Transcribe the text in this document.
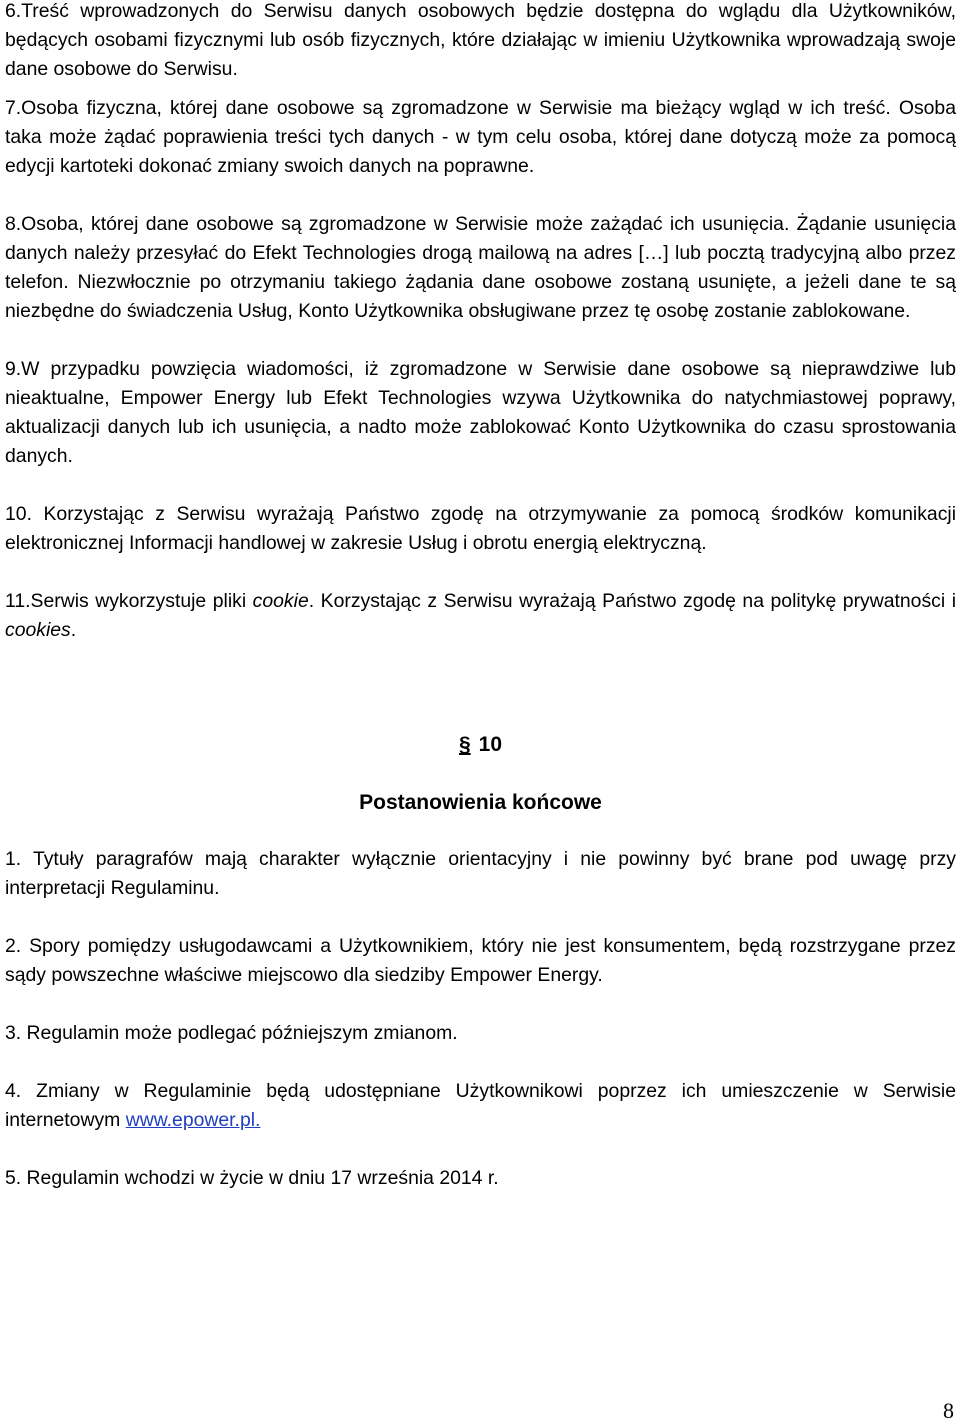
6.Treść wprowadzonych do Serwisu danych osobowych będzie dostępna do wglądu dla Użytkowników, będących osobami fizycznymi lub osób fizycznych, które działając w imieniu Użytkownika wprowadzają swoje dane osobowe do Serwisu.

7.Osoba fizyczna, której dane osobowe są zgromadzone w Serwisie ma bieżący wgląd w ich treść. Osoba taka może żądać poprawienia treści tych danych - w tym celu osoba, której dane dotyczą może za pomocą edycji kartoteki dokonać zmiany swoich danych na poprawne.

8.Osoba, której dane osobowe są zgromadzone w Serwisie może zażądać ich usunięcia. Żądanie usunięcia danych należy przesyłać do Efekt Technologies drogą mailową na adres […] lub pocztą tradycyjną albo przez telefon. Niezwłocznie po otrzymaniu takiego żądania dane osobowe zostaną usunięte, a jeżeli dane te są niezbędne do świadczenia Usług, Konto Użytkownika obsługiwane przez tę osobę zostanie zablokowane.

9.W przypadku powzięcia wiadomości, iż zgromadzone w Serwisie dane osobowe są nieprawdziwe lub nieaktualne, Empower Energy lub Efekt Technologies wzywa Użytkownika do natychmiastowej poprawy, aktualizacji danych lub ich usunięcia, a nadto może zablokować Konto Użytkownika do czasu sprostowania danych.

10. Korzystając z Serwisu wyrażają Państwo zgodę na otrzymywanie za pomocą środków komunikacji elektronicznej Informacji handlowej w zakresie Usług i obrotu energią elektryczną.

11.Serwis wykorzystuje pliki cookie. Korzystając z Serwisu wyrażają Państwo zgodę na politykę prywatności i cookies.

§ 10
Postanowienia końcowe

1. Tytuły paragrafów mają charakter wyłącznie orientacyjny i nie powinny być brane pod uwagę przy interpretacji Regulaminu.

2. Spory pomiędzy usługodawcami a Użytkownikiem, który nie jest konsumentem, będą rozstrzygane przez sądy powszechne właściwe miejscowo dla siedziby Empower Energy.

3. Regulamin może podlegać późniejszym zmianom.

4. Zmiany w Regulaminie będą udostępniane Użytkownikowi poprzez ich umieszczenie w Serwisie internetowym www.epower.pl.

5. Regulamin wchodzi w życie w dniu 17 września 2014 r.

8
